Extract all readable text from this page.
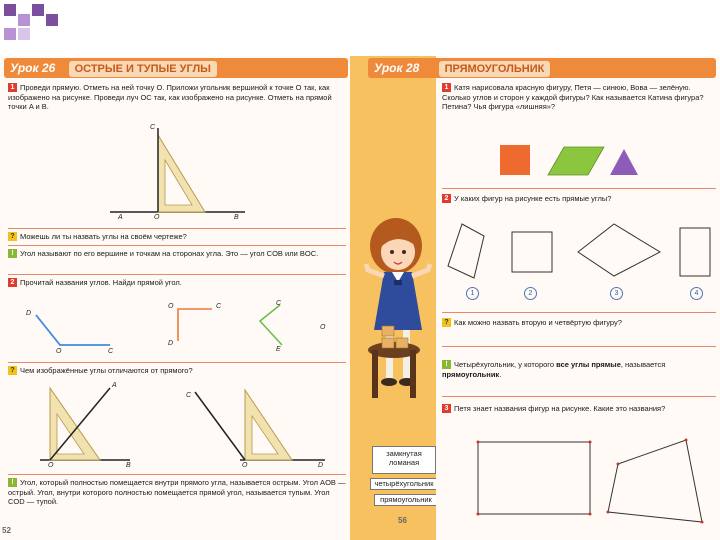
Урок 26 ОСТРЫЕ И ТУПЫЕ УГЛЫ
1 Проведи прямую. Отметь на ней точку O. Приложи угольник вершиной к точке O так, как изображено на рисунке. Проведи луч OC так, как изображено на рисунке. Отметь на прямой точки A и B.
C
A	O	B
? Можешь ли ты назвать углы на своём чертеже?
! Угол называют по его вершине и точкам на сторонах угла. Это — угол COB или BOC.
2 Прочитай названия углов. Найди прямой угол.
D
O	C
O
D
C	C
O
E
? Чем изображённые углы отличаются от прямого?
A
O	B
C
O	D
! Угол, который полностью помещается внутри прямого угла, называется острым. Угол AOB — острый. Угол, внутри которого полностью помещается прямой угол, называется тупым. Угол COD — тупой.
52
замкнутая ломаная
четырёхугольник
прямоугольник
56
Урок 28 ПРЯМОУГОЛЬНИК
1 Катя нарисовала красную фигуру, Петя — синюю, Вова — зелёную. Сколько углов и сторон у каждой фигуры? Как называется Катина фигура? Петина? Чья фигура «лишняя»?
2 У каких фигур на рисунке есть прямые углы?
1	2	3	4
? Как можно назвать вторую и четвёртую фигуру?
! Четырёхугольник, у которого все углы прямые, называется прямоугольник.
3 Петя знает названия фигур на рисунке. Какие это названия?
